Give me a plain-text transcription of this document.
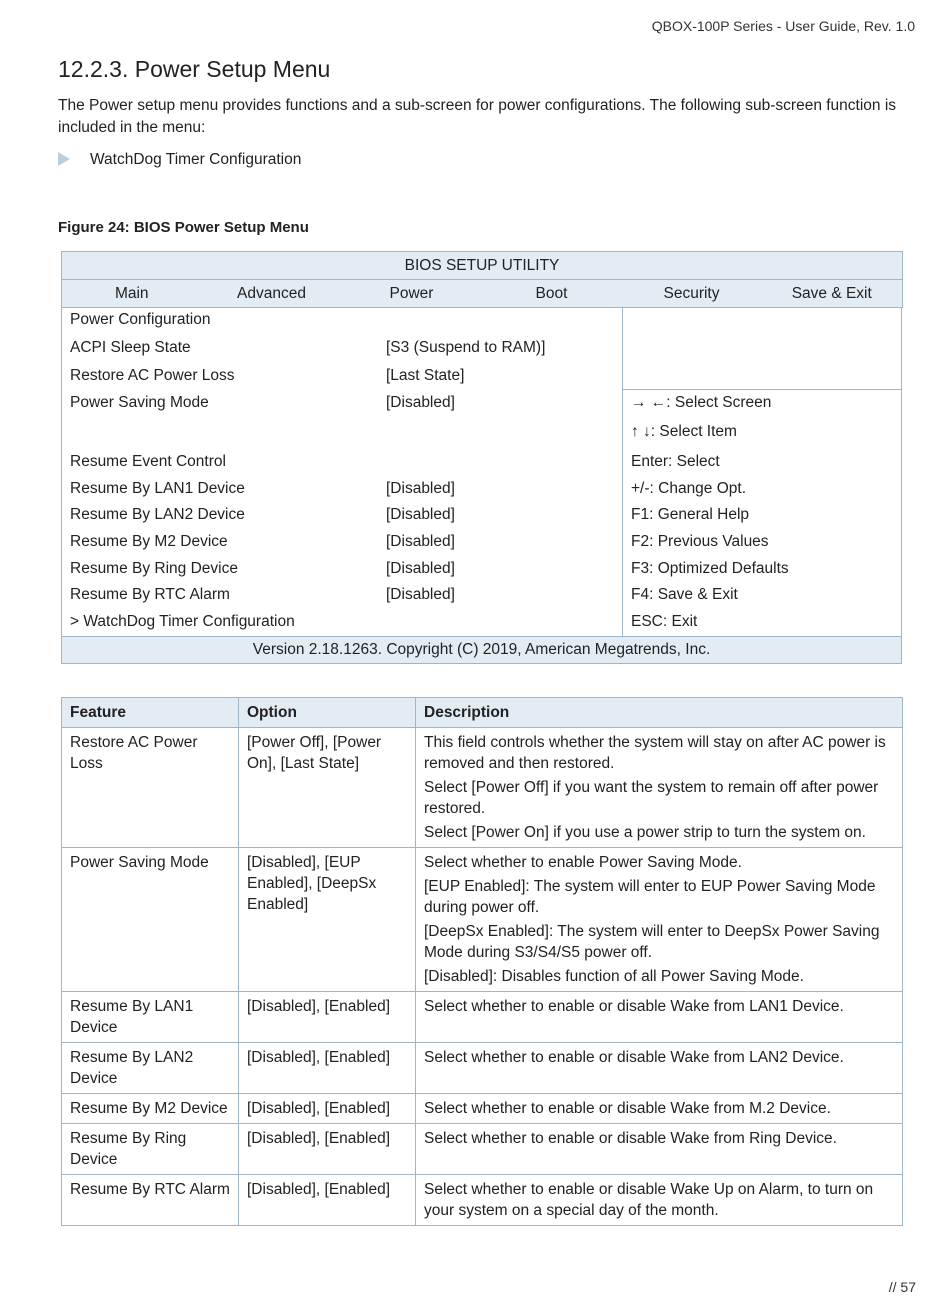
QBOX-100P Series - User Guide, Rev. 1.0
12.2.3. Power Setup Menu

The Power setup menu provides functions and a sub-screen for power configurations. The following sub-screen function is included in the menu:

WatchDog Timer Configuration
Figure 24: BIOS Power Setup Menu
BIOS SETUP UTILITY
Main	Advanced	Power	Boot	Security	Save & Exit
Power Configuration
ACPI Sleep State	[S3 (Suspend to RAM)]
Restore AC Power Loss	[Last State]
Power Saving Mode	[Disabled]
Resume Event Control
Resume By LAN1 Device	[Disabled]
Resume By LAN2 Device	[Disabled]
Resume By M2 Device	[Disabled]
Resume By Ring Device	[Disabled]
Resume By RTC Alarm	[Disabled]
> WatchDog Timer Configuration
→ ←: Select Screen
↑ ↓: Select Item
Enter: Select
+/-: Change Opt.
F1: General Help
F2: Previous Values
F3: Optimized Defaults
F4: Save & Exit
ESC: Exit
Version 2.18.1263. Copyright (C) 2019, American Megatrends, Inc.
Feature	Option	Description
Restore AC Power Loss	[Power Off], [Power On], [Last State]	This field controls whether the system will stay on after AC power is removed and then restored.

Select [Power Off] if you want the system to remain off after power restored.

Select [Power On] if you use a power strip to turn the system on.

Power Saving Mode	[Disabled], [EUP Enabled], [DeepSx Enabled]	Select whether to enable Power Saving Mode.

[EUP Enabled]: The system will enter to EUP Power Saving Mode during power off.

[DeepSx Enabled]: The system will enter to DeepSx Power Saving Mode during S3/S4/S5 power off.

[Disabled]: Disables function of all Power Saving Mode.

Resume By LAN1 Device	[Disabled], [Enabled]	Select whether to enable or disable Wake from LAN1 Device.

Resume By LAN2 Device	[Disabled], [Enabled]	Select whether to enable or disable Wake from LAN2 Device.

Resume By M2 Device	[Disabled], [Enabled]	Select whether to enable or disable Wake from M.2 Device.

Resume By Ring Device	[Disabled], [Enabled]	Select whether to enable or disable Wake from Ring Device.

Resume By RTC Alarm	[Disabled], [Enabled]	Select whether to enable or disable Wake Up on Alarm, to turn on your system on a special day of the month.

// 57
